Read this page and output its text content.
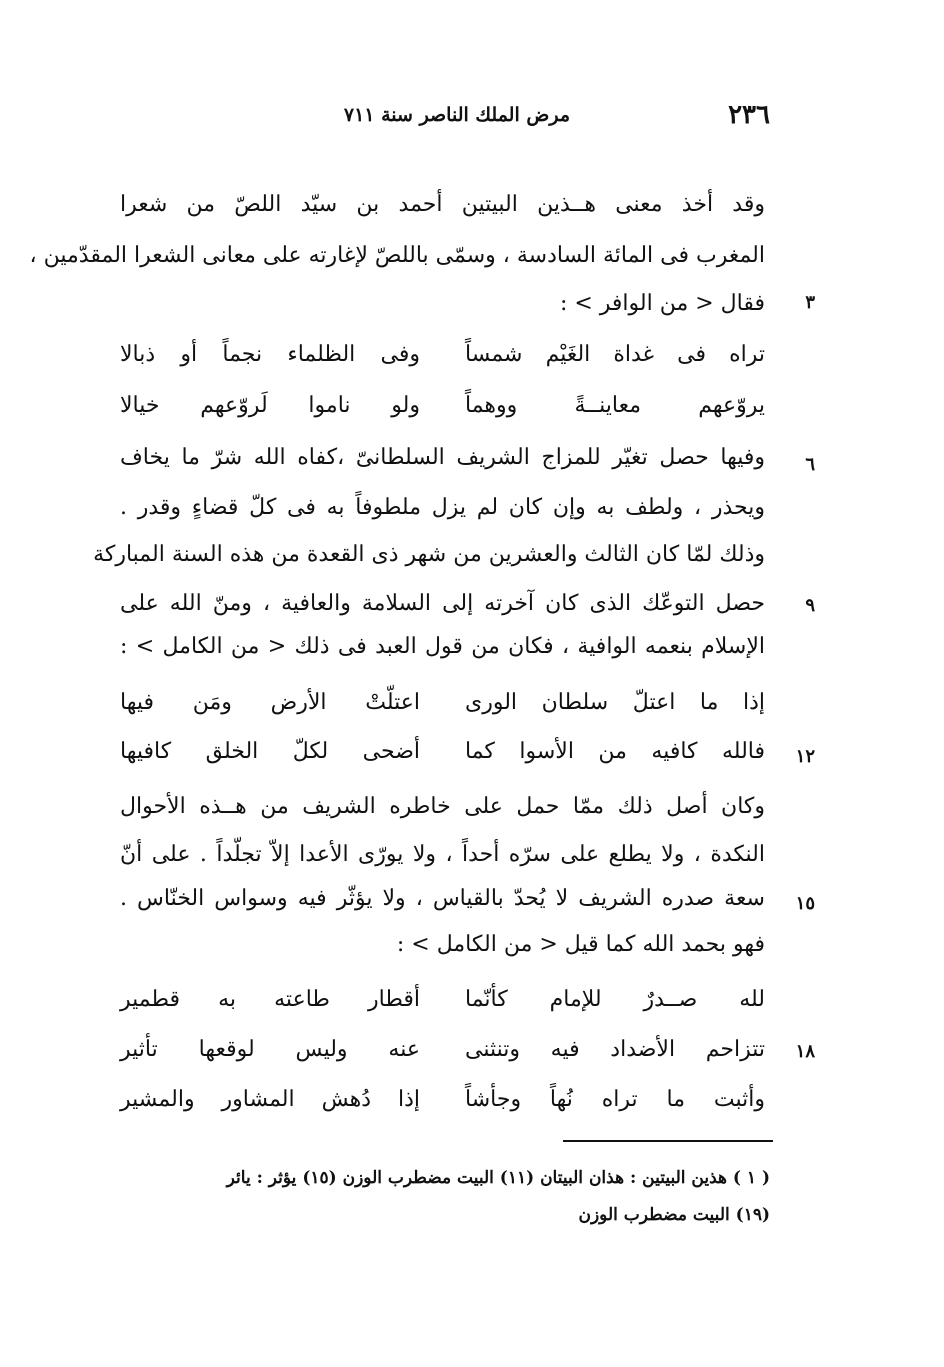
٢٣٦
مرض الملك الناصر سنة ٧١١
وقد أخذ معنى هــذين البيتين أحمد بن سيّد اللصّ من شعرا
المغرب فى المائة السادسة ، وسمّى باللصّ لإغارته على معانى الشعرا المقدّمين ،
فقال < من الوافر > :	٣
تراه فى غداة الغَيْم شمساً
وفى الظلماء نجماً أو ذبالا
يروّعهم معاينــةً ووهماً
ولو ناموا لَروّعهم خيالا
وفيها حصل تغيّر للمزاج الشريف السلطانىّ ،كفاه الله شرّ ما يخاف	٦
ويحذر ، ولطف به وإن كان لم يزل ملطوفاً به فى كلّ قضاءٍ وقدر .
وذلك لمّا كان الثالث والعشرين من شهر ذى القعدة من هذه السنة المباركة
حصل التوعّك الذى كان آخرته إلى السلامة والعافية ، ومنّ الله على	٩
الإسلام بنعمه الوافية ، فكان من قول العبد فى ذلك < من الكامل > :
إذا ما اعتلّ سلطان الورى
اعتلّتْ الأرض ومَن فيها
فالله كافيه من الأسوا كما
أضحى لكلّ الخلق كافيها	١٢
وكان أصل ذلك ممّا حمل على خاطره الشريف من هــذه الأحوال
النكدة ، ولا يطلع على سرّه أحداً ، ولا يورّى الأعدا إلاّ تجلّداً . على أنّ
سعة صدره الشريف لا يُحدّ بالقياس ، ولا يؤثّر فيه وسواس الخنّاس .	١٥
فهو بحمد الله كما قيل < من الكامل > :
لله صــدرٌ للإمام كأنّما
أقطار طاعته به قطمير
تتزاحم الأضداد فيه وتنثنى
عنه وليس لوقعها تأثير	١٨
وأثبت ما تراه نُهاً وجأشاً
إذا دُهش المشاور والمشير
( ١ ) هذين البيتين : هذان البيتان (١١) البيت مضطرب الوزن (١٥) يؤثر : يائر
(١٩) البيت مضطرب الوزن
